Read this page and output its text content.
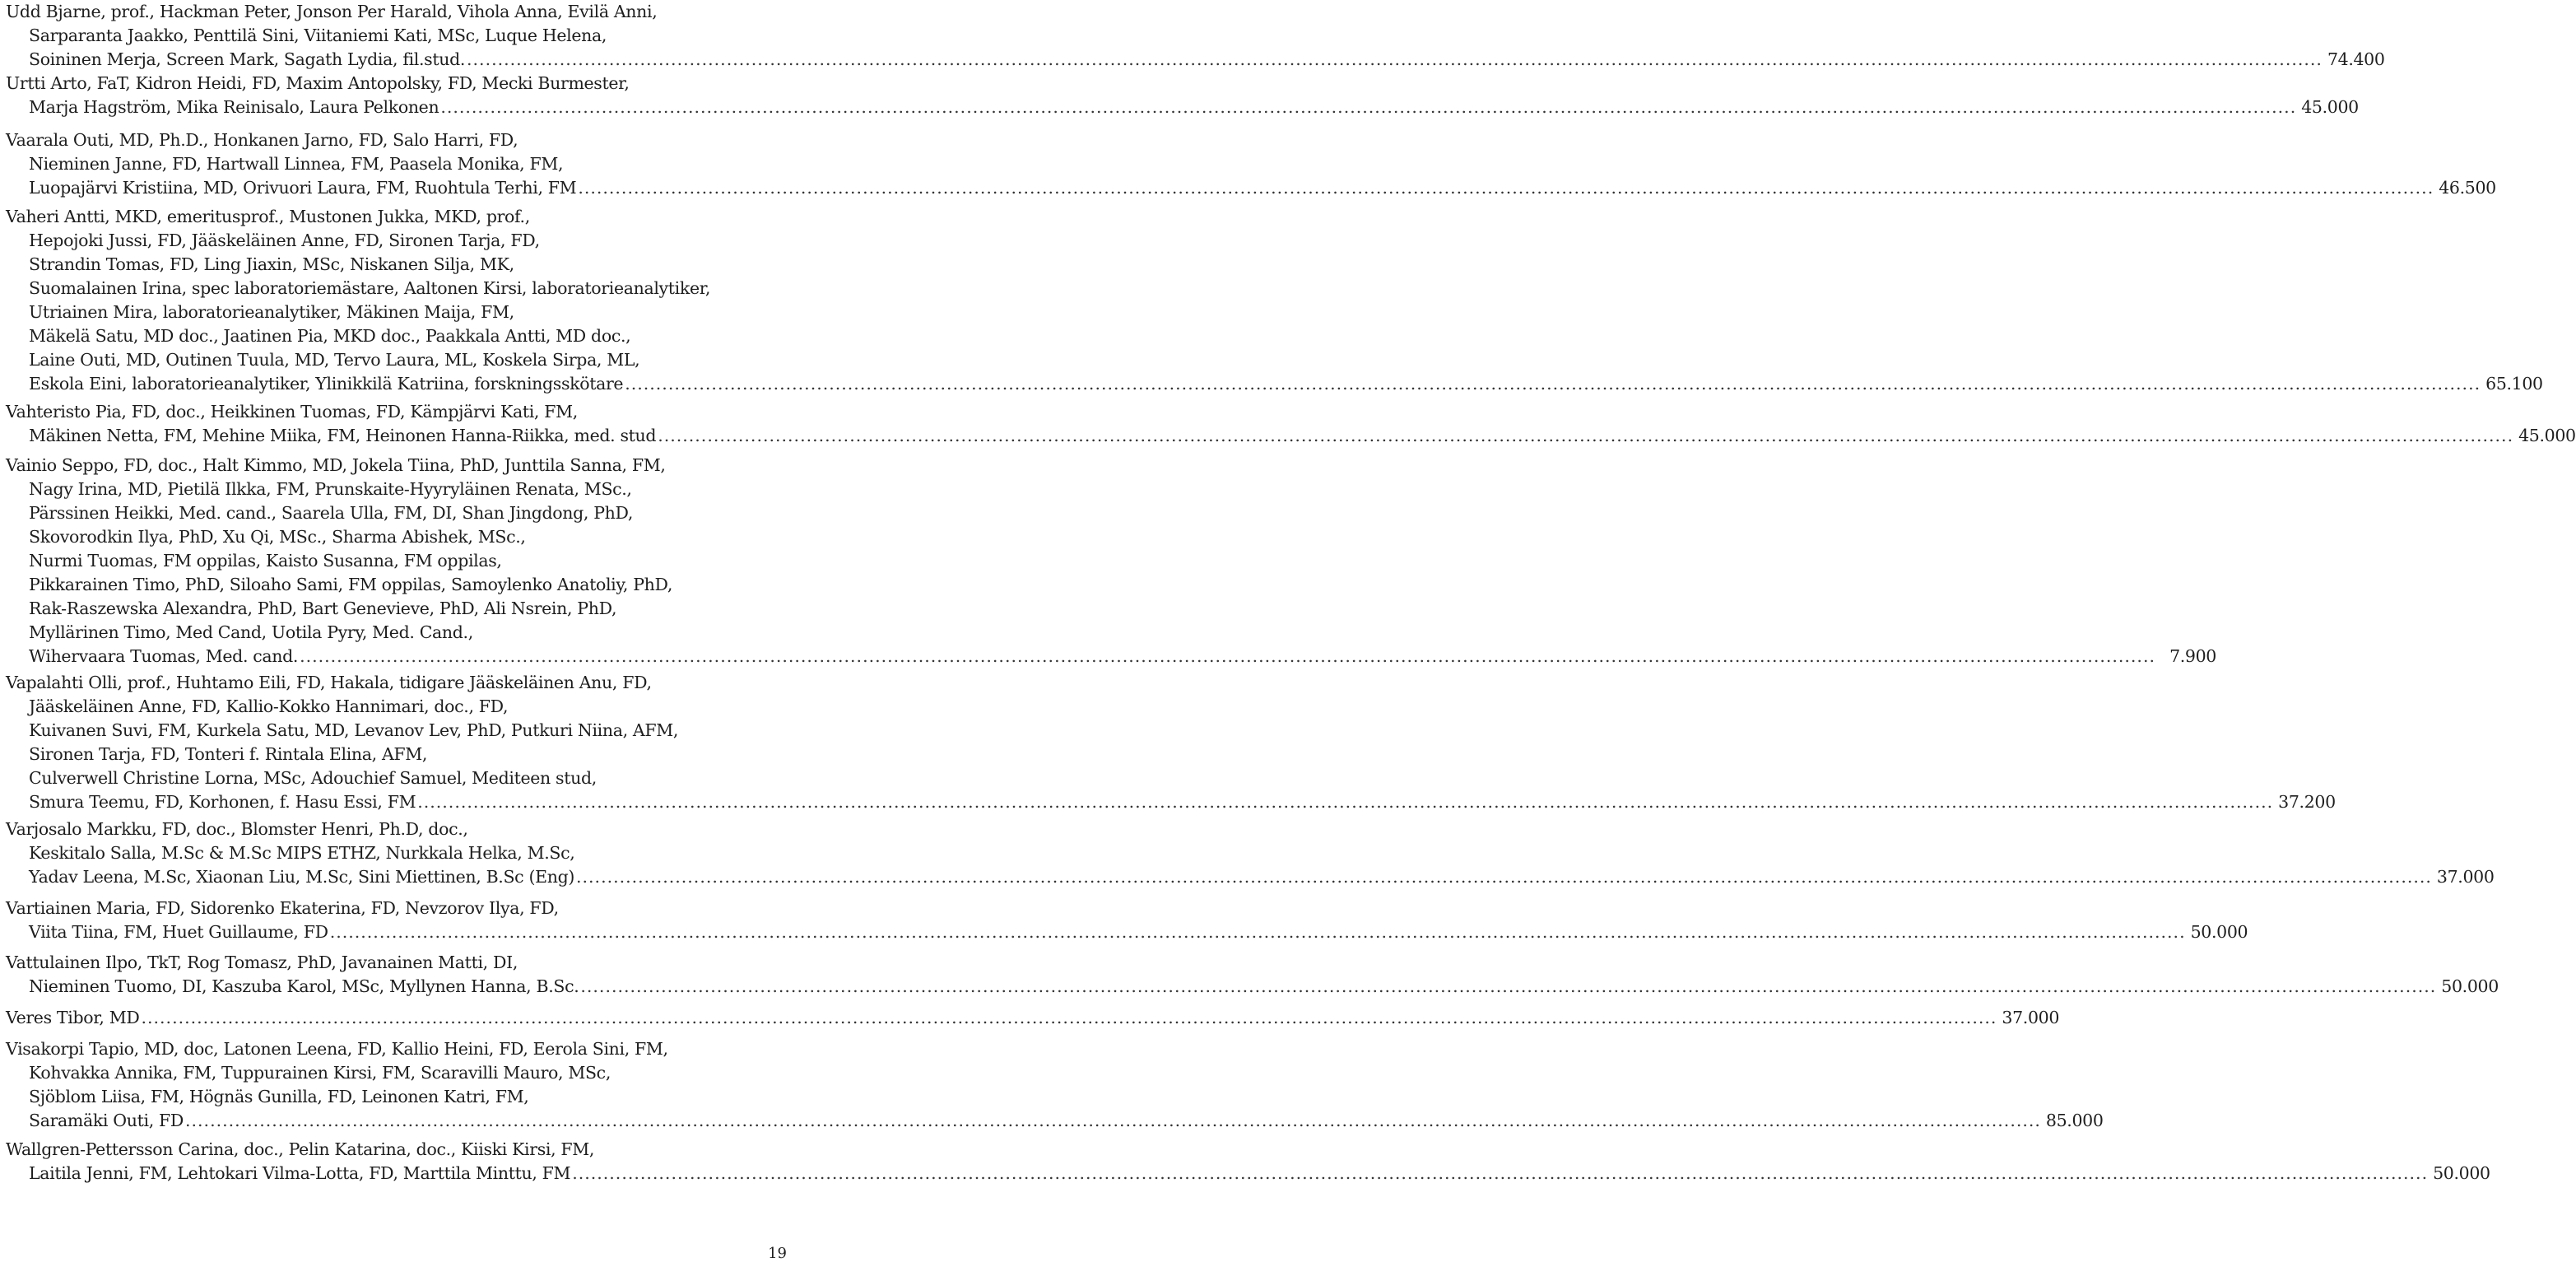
Udd Bjarne, prof., Hackman Peter, Jonson Per Harald, Vihola Anna, Evilä Anni,
Sarparanta Jaakko, Penttilä Sini, Viitaniemi Kati, MSc, Luque Helena,
Soininen Merja, Screen Mark, Sagath Lydia, fil.stud. ............................................................................................................................................................................................................................................................................................................ 74.400
Urtti Arto, FaT, Kidron Heidi, FD, Maxim Antopolsky, FD, Mecki Burmester,
Marja Hagström, Mika Reinisalo, Laura Pelkonen ............................................................................................................................................................................................................................................................................................................ 45.000
Vaarala Outi, MD, Ph.D., Honkanen Jarno, FD, Salo Harri, FD,
Nieminen Janne, FD, Hartwall Linnea, FM, Paasela Monika, FM,
Luopajärvi Kristiina, MD, Orivuori Laura, FM, Ruohtula Terhi, FM ............................................................................................................................................................................................................................................................................................................ 46.500
Vaheri Antti, MKD, emeritusprof., Mustonen Jukka, MKD, prof.,
Hepojoki Jussi, FD, Jääskeläinen Anne, FD, Sironen Tarja, FD,
Strandin Tomas, FD, Ling Jiaxin, MSc, Niskanen Silja, MK,
Suomalainen Irina, spec laboratoriemästare, Aaltonen Kirsi, laboratorieanalytiker,
Utriainen Mira, laboratorieanalytiker, Mäkinen Maija, FM,
Mäkelä Satu, MD doc., Jaatinen Pia, MKD doc., Paakkala Antti, MD doc.,
Laine Outi, MD, Outinen Tuula, MD, Tervo Laura, ML, Koskela Sirpa, ML,
Eskola Eini, laboratorieanalytiker, Ylinikkilä Katriina, forskningsskötare ............................................................................................................................................................................................................................................................................................................ 65.100
Vahteristo Pia, FD, doc., Heikkinen Tuomas, FD, Kämpjärvi Kati, FM,
Mäkinen Netta, FM, Mehine Miika, FM, Heinonen Hanna-Riikka, med. stud ............................................................................................................................................................................................................................................................................................................ 45.000
Vainio Seppo, FD, doc., Halt Kimmo, MD, Jokela Tiina, PhD, Junttila Sanna, FM,
Nagy Irina, MD, Pietilä Ilkka, FM, Prunskaite-Hyyryläinen Renata, MSc.,
Pärssinen Heikki, Med. cand., Saarela Ulla, FM, DI, Shan Jingdong, PhD,
Skovorodkin Ilya, PhD, Xu Qi, MSc., Sharma Abishek, MSc.,
Nurmi Tuomas, FM oppilas, Kaisto Susanna, FM oppilas,
Pikkarainen Timo, PhD, Siloaho Sami, FM oppilas, Samoylenko Anatoliy, PhD,
Rak-Raszewska Alexandra, PhD, Bart Genevieve, PhD, Ali Nsrein, PhD,
Myllärinen Timo, Med Cand, Uotila Pyry, Med. Cand.,
Wihervaara Tuomas, Med. cand. ............................................................................................................................................................................................................................................................................................................ 7.900
Vapalahti Olli, prof., Huhtamo Eili, FD, Hakala, tidigare Jääskeläinen Anu, FD,
Jääskeläinen Anne, FD, Kallio-Kokko Hannimari, doc., FD,
Kuivanen Suvi, FM, Kurkela Satu, MD, Levanov Lev, PhD, Putkuri Niina, AFM,
Sironen Tarja, FD, Tonteri f. Rintala Elina, AFM,
Culverwell Christine Lorna, MSc, Adouchief Samuel, Mediteen stud,
Smura Teemu, FD, Korhonen, f. Hasu Essi, FM ............................................................................................................................................................................................................................................................................................................ 37.200
Varjosalo Markku, FD, doc., Blomster Henri, Ph.D, doc.,
Keskitalo Salla, M.Sc & M.Sc MIPS ETHZ, Nurkkala Helka, M.Sc,
Yadav Leena, M.Sc, Xiaonan Liu, M.Sc, Sini Miettinen, B.Sc (Eng) ............................................................................................................................................................................................................................................................................................................ 37.000
Vartiainen Maria, FD, Sidorenko Ekaterina, FD, Nevzorov Ilya, FD,
Viita Tiina, FM, Huet Guillaume, FD ............................................................................................................................................................................................................................................................................................................ 50.000
Vattulainen Ilpo, TkT, Rog Tomasz, PhD, Javanainen Matti, DI,
Nieminen Tuomo, DI, Kaszuba Karol, MSc, Myllynen Hanna, B.Sc. ............................................................................................................................................................................................................................................................................................................ 50.000
Veres Tibor, MD ............................................................................................................................................................................................................................................................................................................ 37.000
Visakorpi Tapio, MD, doc, Latonen Leena, FD, Kallio Heini, FD, Eerola Sini, FM,
Kohvakka Annika, FM, Tuppurainen Kirsi, FM, Scaravilli Mauro, MSc,
Sjöblom Liisa, FM, Högnäs Gunilla, FD, Leinonen Katri, FM,
Saramäki Outi, FD ............................................................................................................................................................................................................................................................................................................ 85.000
Wallgren-Pettersson Carina, doc., Pelin Katarina, doc., Kiiski Kirsi, FM,
Laitila Jenni, FM, Lehtokari Vilma-Lotta, FD, Marttila Minttu, FM ............................................................................................................................................................................................................................................................................................................ 50.000
19
